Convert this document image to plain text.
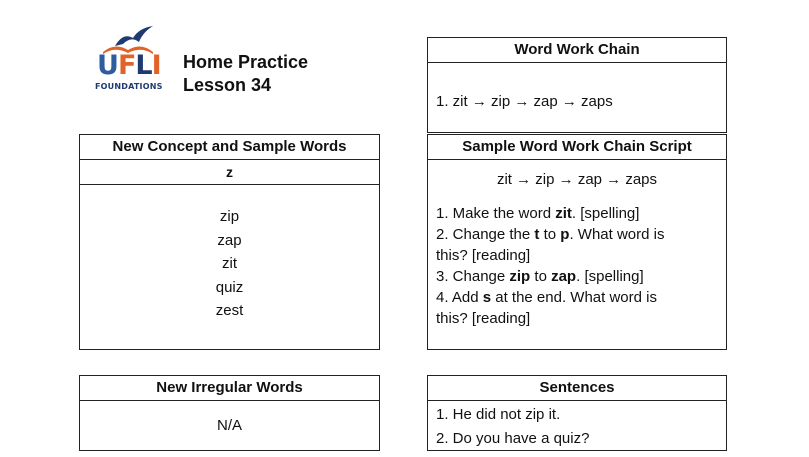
UFLI
FOUNDATIONS
Home Practice
Lesson 34
Word Work Chain
1. zit → zip → zap → zaps
New Concept and Sample Words
z
zip
zap
zit
quiz
zest
Sample Word Work Chain Script
zit → zip → zap → zaps
1. Make the word zit. [spelling]
2. Change the t to p. What word is
this? [reading]
3. Change zip to zap. [spelling]
4. Add s at the end. What word is
this? [reading]
New Irregular Words
N/A
Sentences
1. He did not zip it.
2. Do you have a quiz?
